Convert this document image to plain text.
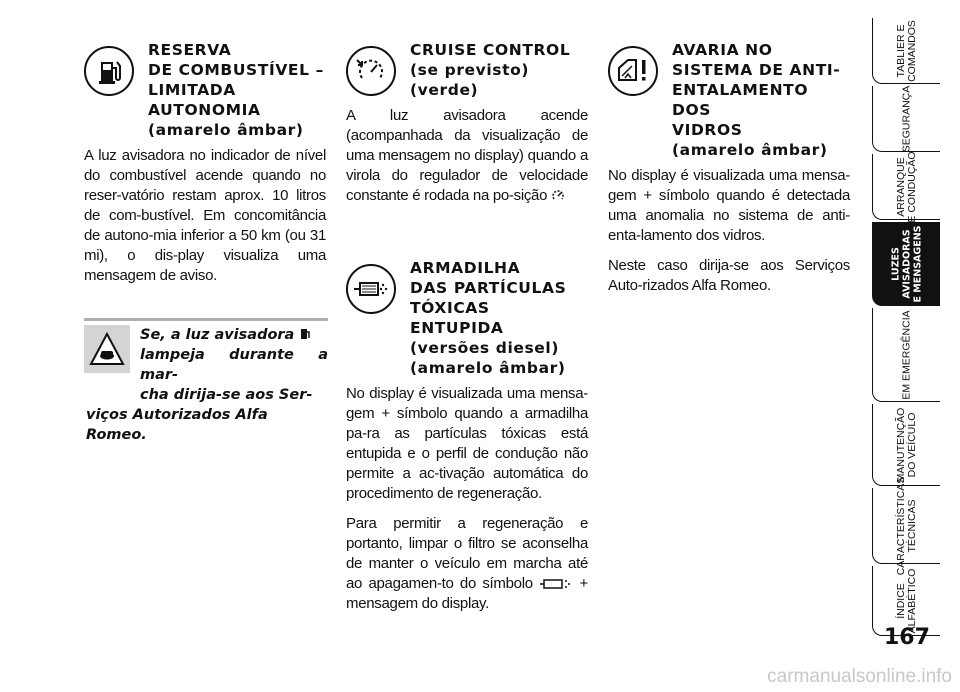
RESERVA
DE COMBUSTÍVEL –
LIMITADA
AUTONOMIA
(amarelo âmbar)

A luz avisadora no indicador de nível do combustível acende quando no reser-vatório restam aprox. 10 litros de com-bustível. Em concomitância de autono-mia inferior a 50 km (ou 31 mi), o dis-play visualiza uma mensagem de aviso.

Se, a luz avisadora
lampeja durante a mar-
cha dirija-se aos Ser-
viços Autorizados Alfa Romeo.
CRUISE CONTROL
(se previsto)
(verde)

A luz avisadora acende (acompanhada da visualização de uma mensagem no display) quando a virola do regulador de velocidade constante é rodada na po-sição

ARMADILHA
DAS PARTÍCULAS
TÓXICAS
ENTUPIDA
(versões diesel)
(amarelo âmbar)

No display é visualizada uma mensa-gem + símbolo quando a armadilha pa-ra as partículas tóxicas está entupida e o perfil de condução não permite a ac-tivação automática do procedimento de regeneração.

Para permitir a regeneração e portanto, limpar o filtro se aconselha de manter o veículo em marcha até ao apagamen-to do símbolo	+ mensagem do display.

AVARIA NO
SISTEMA DE ANTI-
ENTALAMENTO DOS
VIDROS
(amarelo âmbar)

No display é visualizada uma mensa-gem + símbolo quando é detectada uma anomalia no sistema de anti-enta-lamento dos vidros.

Neste caso dirija-se aos Serviços Auto-rizados Alfa Romeo.

TABLIER E
COMANDOS
SEGURANÇA
ARRANQUE
E CONDUÇÃO
LUZES
AVISADORAS
E MENSAGENS
EM EMERGÊNCIA
MANUTENÇÃO
DO VEÍCULO
CARACTERÍSTICAS
TÉCNICAS
ÍNDICE
ALFABÉTICO
167
carmanualsonline.info
